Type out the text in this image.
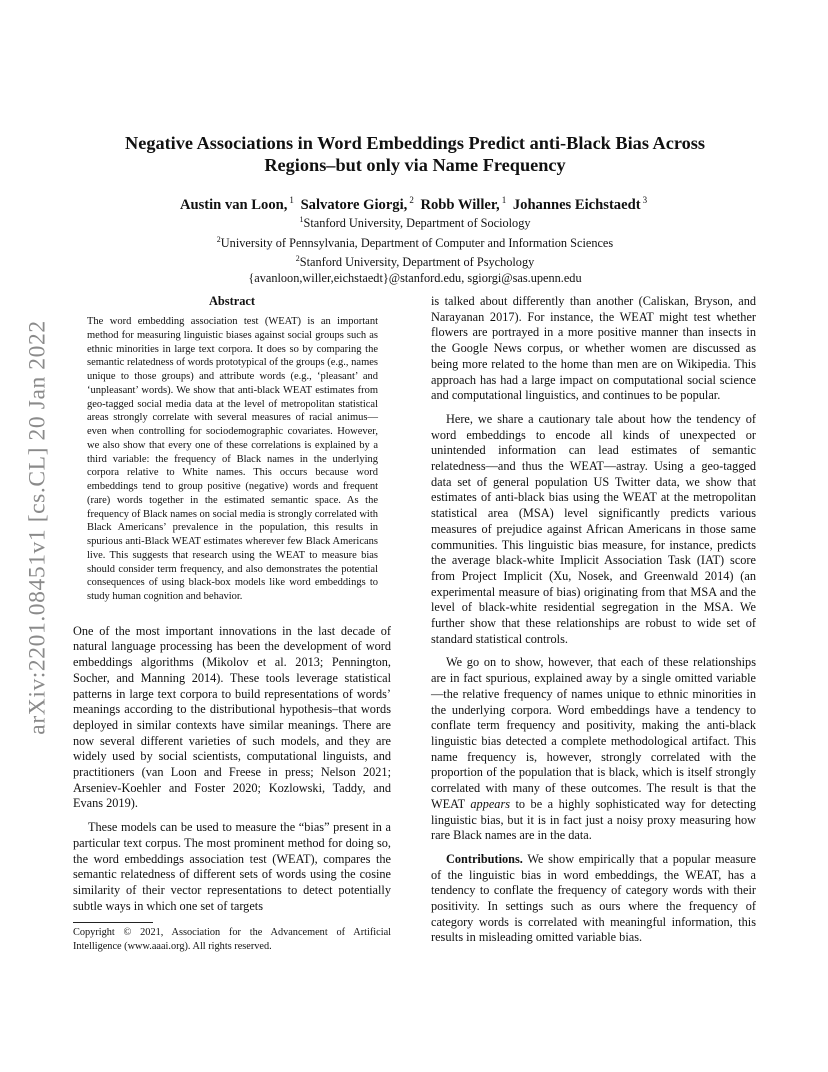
arXiv:2201.08451v1 [cs.CL] 20 Jan 2022
Negative Associations in Word Embeddings Predict anti-Black Bias Across Regions–but only via Name Frequency
Austin van Loon, $^1$ Salvatore Giorgi, $^2$ Robb Willer, $^1$ Johannes Eichstaedt $^3$
$^1$Stanford University, Department of Sociology
$^2$University of Pennsylvania, Department of Computer and Information Sciences
$^2$Stanford University, Department of Psychology
{avanloon,willer,eichstaedt}@stanford.edu, sgiorgi@sas.upenn.edu
Abstract

The word embedding association test (WEAT) is an important method for measuring linguistic biases against social groups such as ethnic minorities in large text corpora. It does so by comparing the semantic relatedness of words prototypical of the groups (e.g., names unique to those groups) and attribute words (e.g., ‘pleasant’ and ‘unpleasant’ words). We show that anti-black WEAT estimates from geo-tagged social media data at the level of metropolitan statistical areas strongly correlate with several measures of racial animus—even when controlling for sociodemographic covariates. However, we also show that every one of these correlations is explained by a third variable: the frequency of Black names in the underlying corpora relative to White names. This occurs because word embeddings tend to group positive (negative) words and frequent (rare) words together in the estimated semantic space. As the frequency of Black names on social media is strongly correlated with Black Americans’ prevalence in the population, this results in spurious anti-Black WEAT estimates wherever few Black Americans live. This suggests that research using the WEAT to measure bias should consider term frequency, and also demonstrates the potential consequences of using black-box models like word embeddings to study human cognition and behavior.

One of the most important innovations in the last decade of natural language processing has been the development of word embeddings algorithms (Mikolov et al. 2013; Pennington, Socher, and Manning 2014). These tools leverage statistical patterns in large text corpora to build representations of words’ meanings according to the distributional hypothesis–that words deployed in similar contexts have similar meanings. There are now several different varieties of such models, and they are widely used by social scientists, computational linguists, and practitioners (van Loon and Freese in press; Nelson 2021; Arseniev-Koehler and Foster 2020; Kozlowski, Taddy, and Evans 2019).

These models can be used to measure the “bias” present in a particular text corpus. The most prominent method for doing so, the word embeddings association test (WEAT), compares the semantic relatedness of different sets of words using the cosine similarity of their vector representations to detect potentially subtle ways in which one set of targets

is talked about differently than another (Caliskan, Bryson, and Narayanan 2017). For instance, the WEAT might test whether flowers are portrayed in a more positive manner than insects in the Google News corpus, or whether women are discussed as being more related to the home than men are on Wikipedia. This approach has had a large impact on computational social science and computational linguistics, and continues to be popular.

Here, we share a cautionary tale about how the tendency of word embeddings to encode all kinds of unexpected or unintended information can lead estimates of semantic relatedness—and thus the WEAT—astray. Using a geo-tagged data set of general population US Twitter data, we show that estimates of anti-black bias using the WEAT at the metropolitan statistical area (MSA) level significantly predicts various measures of prejudice against African Americans in those same communities. This linguistic bias measure, for instance, predicts the average black-white Implicit Association Task (IAT) score from Project Implicit (Xu, Nosek, and Greenwald 2014) (an experimental measure of bias) originating from that MSA and the level of black-white residential segregation in the MSA. We further show that these relationships are robust to wide set of standard statistical controls.

We go on to show, however, that each of these relationships are in fact spurious, explained away by a single omitted variable—the relative frequency of names unique to ethnic minorities in the underlying corpora. Word embeddings have a tendency to conflate term frequency and positivity, making the anti-black linguistic bias detected a complete methodological artifact. This name frequency is, however, strongly correlated with the proportion of the population that is black, which is itself strongly correlated with many of these outcomes. The result is that the WEAT appears to be a highly sophisticated way for detecting linguistic bias, but it is in fact just a noisy proxy measuring how rare Black names are in the data.

Contributions. We show empirically that a popular measure of the linguistic bias in word embeddings, the WEAT, has a tendency to conflate the frequency of category words with their positivity. In settings such as ours where the frequency of category words is correlated with meaningful information, this results in misleading omitted variable bias.

Copyright © 2021, Association for the Advancement of Artificial Intelligence (www.aaai.org). All rights reserved.
